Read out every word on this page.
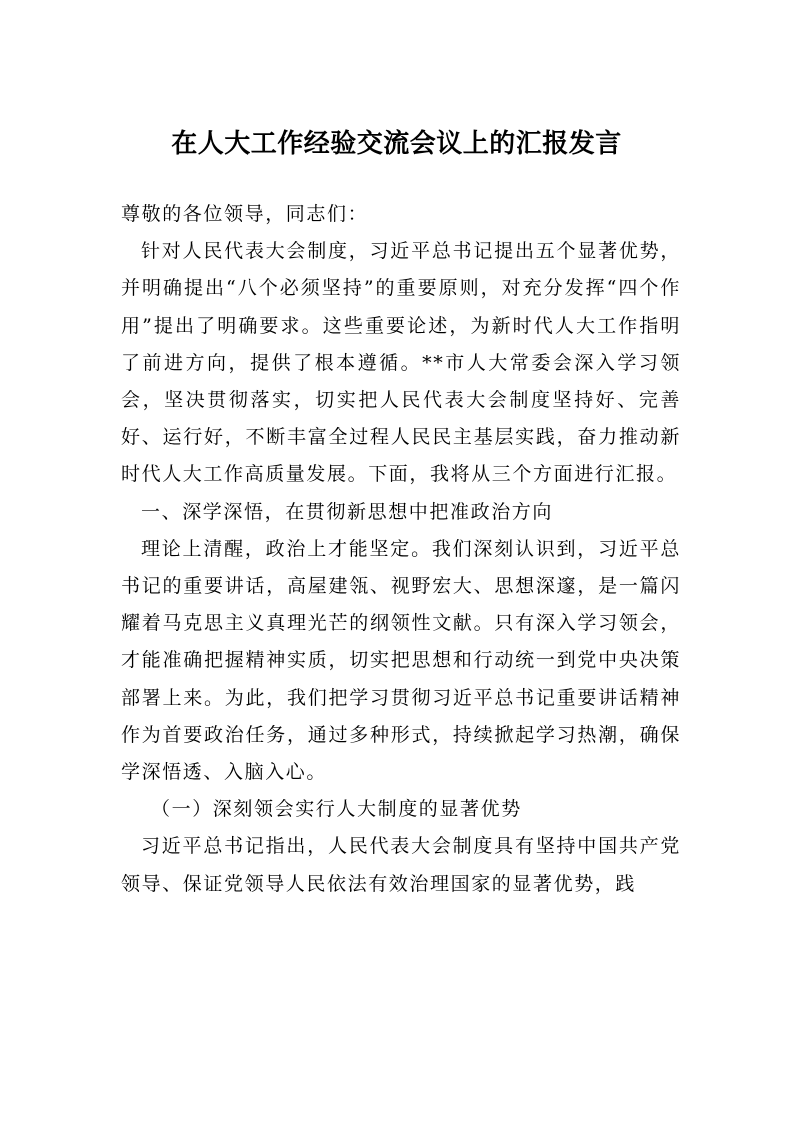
在人大工作经验交流会议上的汇报发言

尊敬的各位领导，同志们：

针对人民代表大会制度，习近平总书记提出五个显著优势，并明确提出“八个必须坚持”的重要原则，对充分发挥“四个作用”提出了明确要求。这些重要论述，为新时代人大工作指明了前进方向，提供了根本遵循。**市人大常委会深入学习领会，坚决贯彻落实，切实把人民代表大会制度坚持好、完善好、运行好，不断丰富全过程人民民主基层实践，奋力推动新时代人大工作高质量发展。下面，我将从三个方面进行汇报。

一、深学深悟，在贯彻新思想中把准政治方向

理论上清醒，政治上才能坚定。我们深刻认识到，习近平总书记的重要讲话，高屋建瓴、视野宏大、思想深邃，是一篇闪耀着马克思主义真理光芒的纲领性文献。只有深入学习领会，才能准确把握精神实质，切实把思想和行动统一到党中央决策部署上来。为此，我们把学习贯彻习近平总书记重要讲话精神作为首要政治任务，通过多种形式，持续掀起学习热潮，确保学深悟透、入脑入心。

（一）深刻领会实行人大制度的显著优势

习近平总书记指出，人民代表大会制度具有坚持中国共产党领导、保证党领导人民依法有效治理国家的显著优势，践
